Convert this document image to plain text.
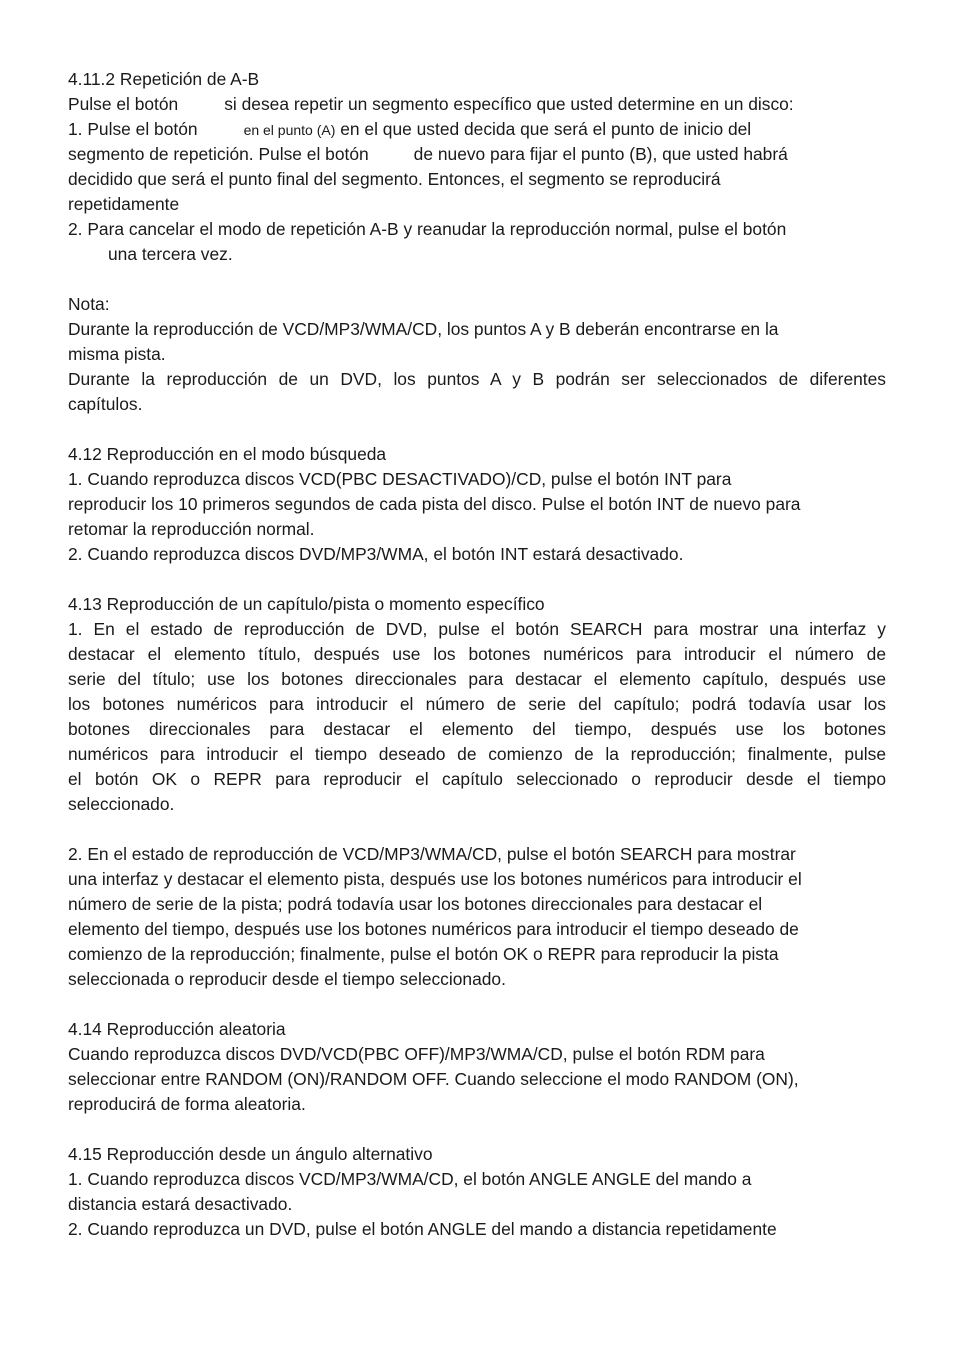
4.11.2 Repetición de A-B
Pulse el botón	si desea repetir un segmento específico que usted determine en un disco:
1. Pulse el botón	en el punto (A) en el que usted decida que será el punto de inicio del
segmento de repetición. Pulse el botón	de nuevo para fijar el punto (B), que usted habrá
decidido que será el punto final del segmento. Entonces, el segmento se reproducirá
repetidamente
2. Para cancelar el modo de repetición A-B y reanudar la reproducción normal, pulse el botón
una tercera vez.
Nota:
Durante la reproducción de VCD/MP3/WMA/CD, los puntos A y B deberán encontrarse en la
misma pista.
Durante la reproducción de un DVD, los puntos A y B podrán ser seleccionados de diferentes
capítulos.
4.12 Reproducción en el modo búsqueda
1. Cuando reproduzca discos VCD(PBC DESACTIVADO)/CD, pulse el botón INT para
reproducir los 10 primeros segundos de cada pista del disco. Pulse el botón INT de nuevo para
retomar la reproducción normal.
2. Cuando reproduzca discos DVD/MP3/WMA, el botón INT estará desactivado.
4.13 Reproducción de un capítulo/pista o momento específico
1. En el estado de reproducción de DVD, pulse el botón SEARCH para mostrar una interfaz y
destacar el elemento título, después use los botones numéricos para introducir el número de
serie del título; use los botones direccionales para destacar el elemento capítulo, después use
los botones numéricos para introducir el número de serie del capítulo; podrá todavía usar los
botones direccionales para destacar el elemento del tiempo, después use los botones
numéricos para introducir el tiempo deseado de comienzo de la reproducción; finalmente, pulse
el botón OK o REPR para reproducir el capítulo seleccionado o reproducir desde el tiempo
seleccionado.
2. En el estado de reproducción de VCD/MP3/WMA/CD, pulse el botón SEARCH para mostrar
una interfaz y destacar el elemento pista, después use los botones numéricos para introducir el
número de serie de la pista; podrá todavía usar los botones direccionales para destacar el
elemento del tiempo, después use los botones numéricos para introducir el tiempo deseado de
comienzo de la reproducción; finalmente, pulse el botón OK o REPR para reproducir la pista
seleccionada o reproducir desde el tiempo seleccionado.
4.14 Reproducción aleatoria
Cuando reproduzca discos DVD/VCD(PBC OFF)/MP3/WMA/CD, pulse el botón RDM para
seleccionar entre RANDOM (ON)/RANDOM OFF. Cuando seleccione el modo RANDOM (ON),
reproducirá de forma aleatoria.
4.15 Reproducción desde un ángulo alternativo
1. Cuando reproduzca discos VCD/MP3/WMA/CD, el botón ANGLE ANGLE del mando a
distancia estará desactivado.
2. Cuando reproduzca un DVD, pulse el botón ANGLE del mando a distancia repetidamente
